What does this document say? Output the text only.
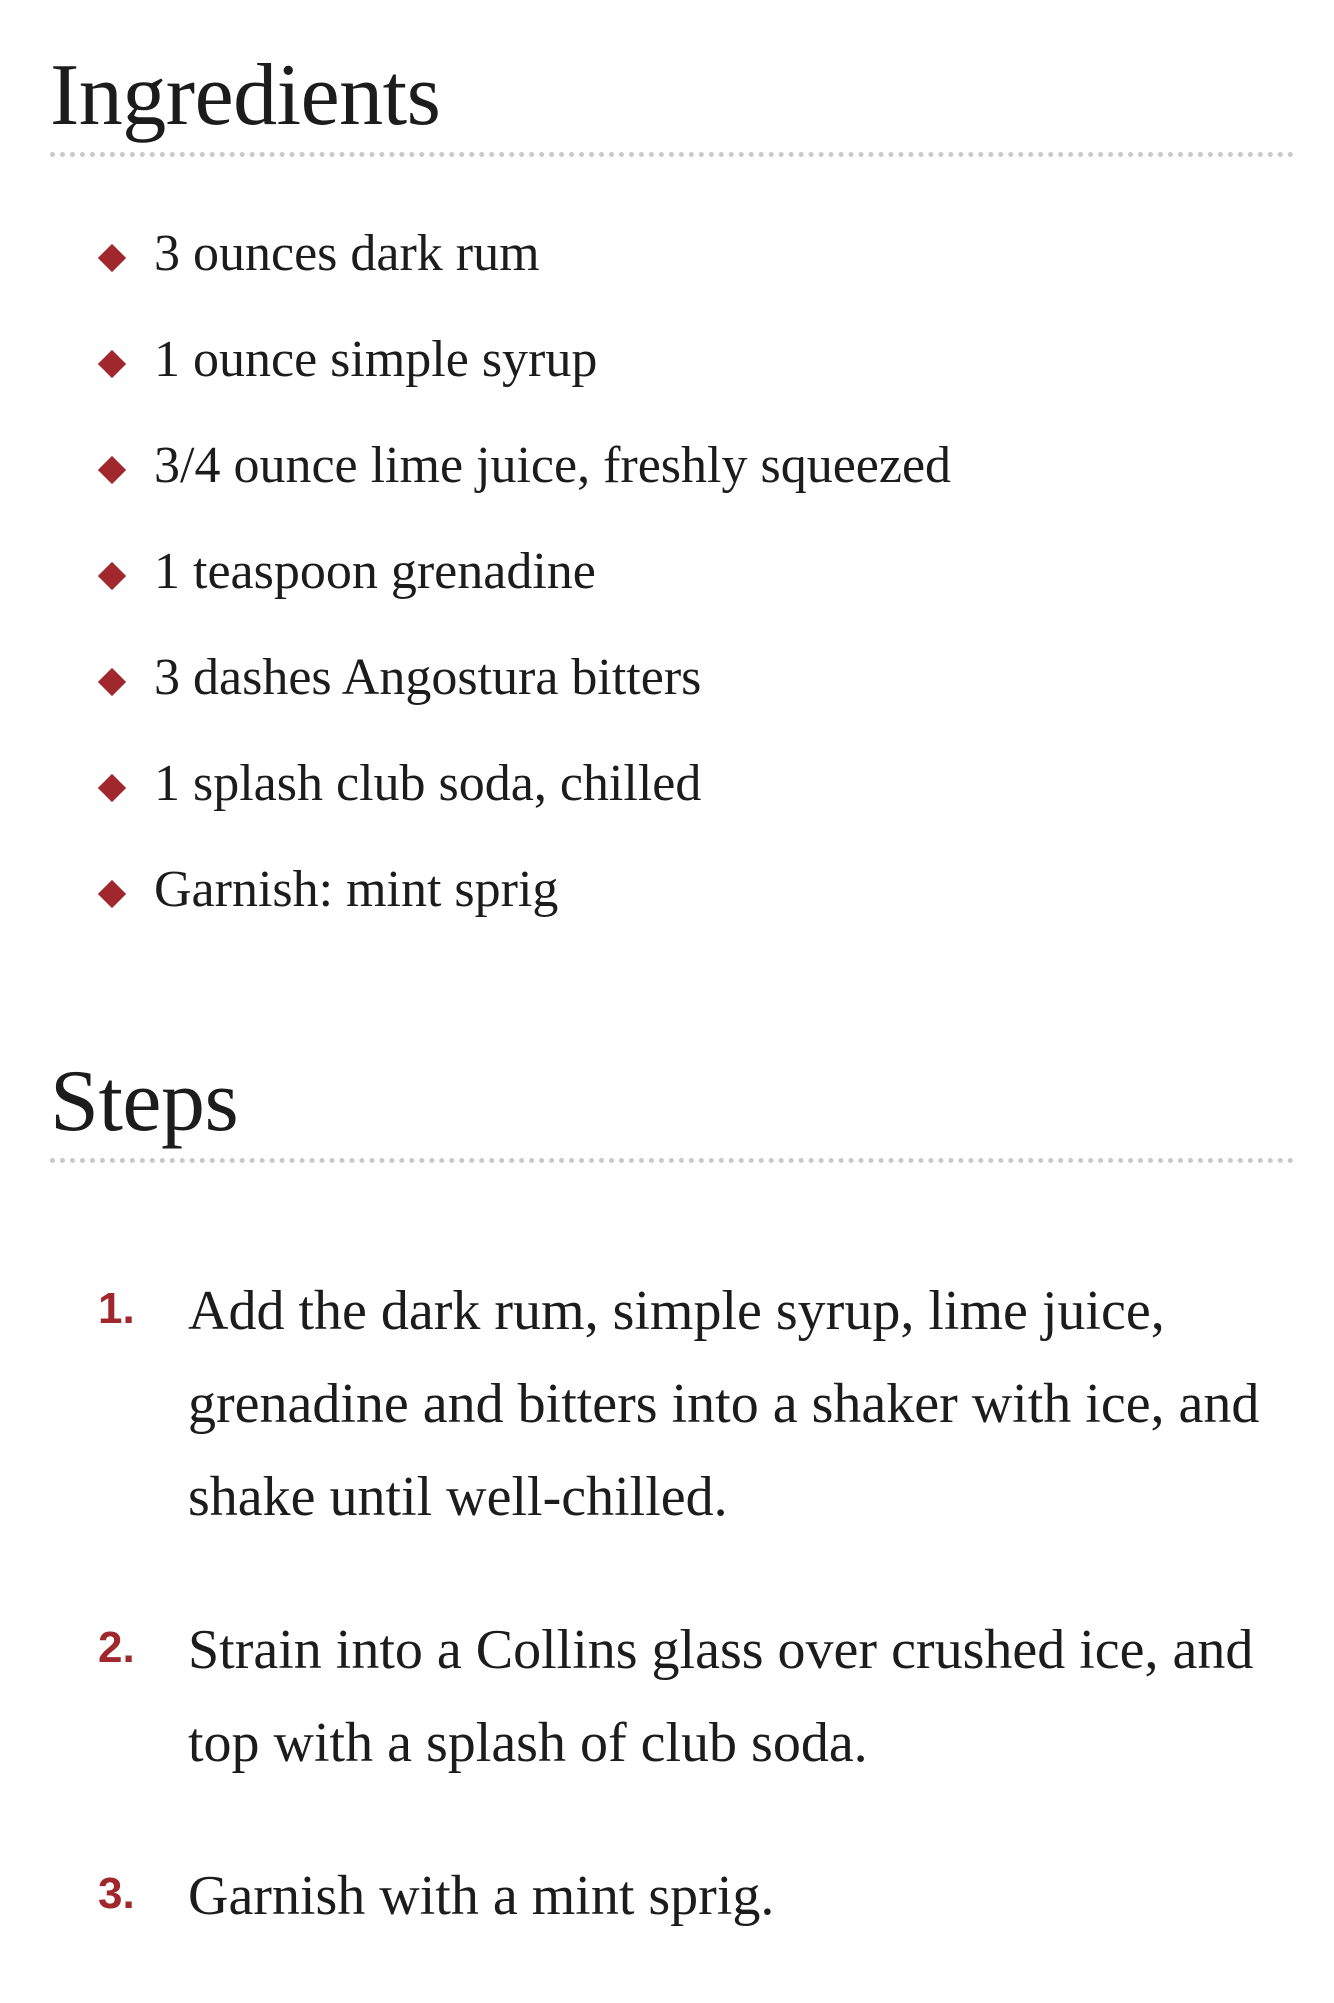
Ingredients
3 ounces dark rum
1 ounce simple syrup
3/4 ounce lime juice, freshly squeezed
1 teaspoon grenadine
3 dashes Angostura bitters
1 splash club soda, chilled
Garnish: mint sprig
Steps
1. Add the dark rum, simple syrup, lime juice, grenadine and bitters into a shaker with ice, and shake until well-chilled.
2. Strain into a Collins glass over crushed ice, and top with a splash of club soda.
3. Garnish with a mint sprig.
